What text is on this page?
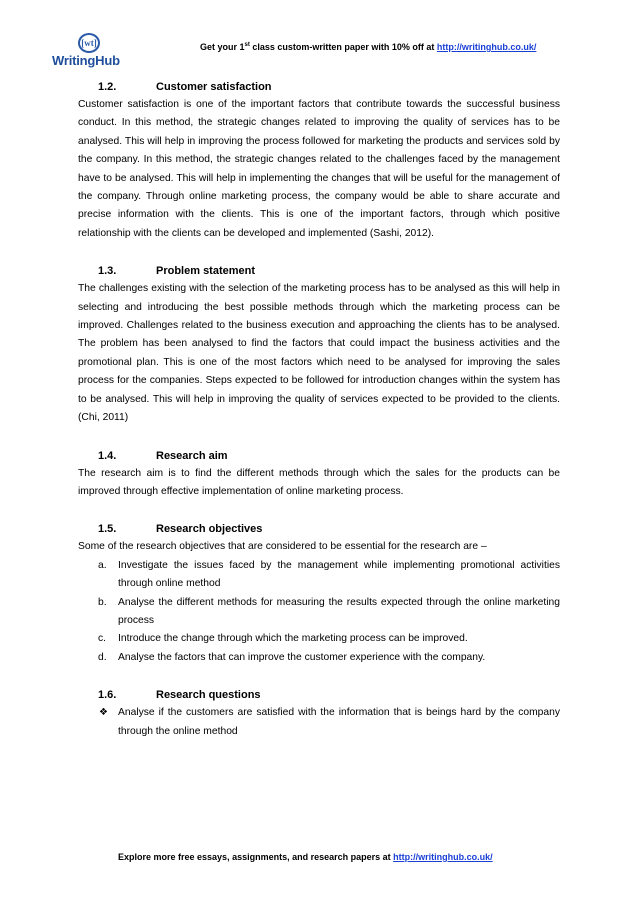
[wt]
WritingHub
Get your 1st class custom-written paper with 10% off at http://writinghub.co.uk/
1.2.	Customer satisfaction

Customer satisfaction is one of the important factors that contribute towards the successful business conduct. In this method, the strategic changes related to improving the quality of services has to be analysed. This will help in improving the process followed for marketing the products and services sold by the company. In this method, the strategic changes related to the challenges faced by the management have to be analysed. This will help in implementing the changes that will be useful for the management of the company. Through online marketing process, the company would be able to share accurate and precise information with the clients. This is one of the important factors, through which positive relationship with the clients can be developed and implemented (Sashi, 2012).

1.3.	Problem statement

The challenges existing with the selection of the marketing process has to be analysed as this will help in selecting and introducing the best possible methods through which the marketing process can be improved. Challenges related to the business execution and approaching the clients has to be analysed. The problem has been analysed to find the factors that could impact the business activities and the promotional plan. This is one of the most factors which need to be analysed for improving the sales process for the companies. Steps expected to be followed for introduction changes within the system has to be analysed. This will help in improving the quality of services expected to be provided to the clients. (Chi, 2011)

1.4.	Research aim

The research aim is to find the different methods through which the sales for the products can be improved through effective implementation of online marketing process.

1.5.	Research objectives

Some of the research objectives that are considered to be essential for the research are –

a. Investigate the issues faced by the management while implementing promotional activities through online method
b. Analyse the different methods for measuring the results expected through the online marketing process
c. Introduce the change through which the marketing process can be improved.
d. Analyse the factors that can improve the customer experience with the company.
1.6.	Research questions
❖ Analyse if the customers are satisfied with the information that is beings hard by the company through the online method
Explore more free essays, assignments, and research papers at http://writinghub.co.uk/
